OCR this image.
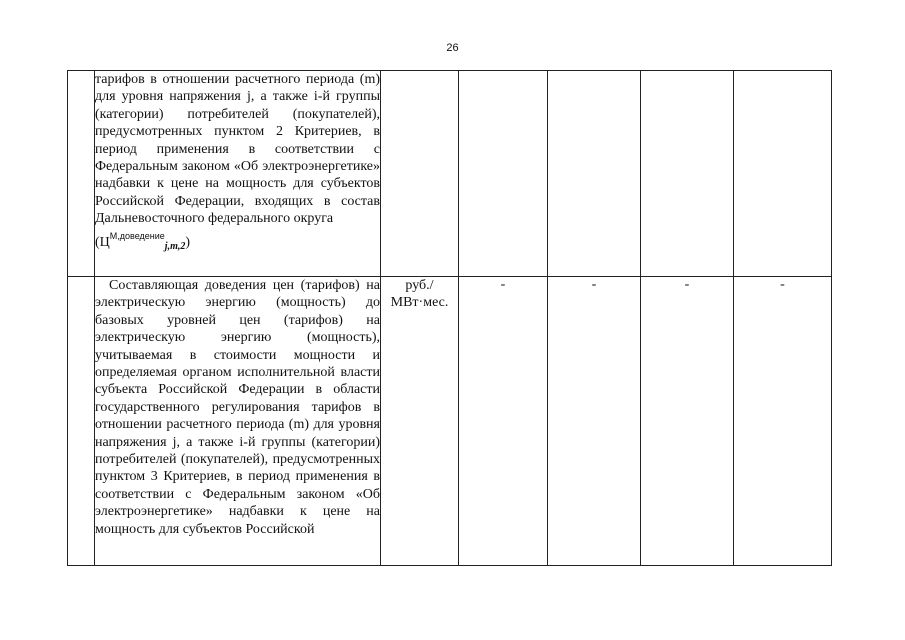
26

	тарифов в отношении расчетного периода (m) для уровня напряжения j, а также i-й группы (категории) потребителей (покупателей), предусмотренных пунктом 2 Критериев, в период применения в соответствии с Федеральным законом «Об электроэнергетике» надбавки к цене на мощность для субъектов Российской Федерации, входящих в состав Дальневосточного федерального округа

$(Ц^{М,доведение}_{j,m,2})$					

	Составляющая доведения цен (тарифов) на электрическую энергию (мощность) до базовых уровней цен (тарифов) на электрическую энергию (мощность), учитываемая в стоимости мощности и определяемая органом исполнительной власти субъекта Российской Федерации в области государственного регулирования тарифов в отношении расчетного периода (m) для уровня напряжения j, а также i-й группы (категории) потребителей (покупателей), предусмотренных пунктом 3 Критериев, в период применения в соответствии с Федеральным законом «Об электроэнергетике» надбавки к цене на мощность для субъектов Российской	руб./ МВт·мес.	-	-	-	-
